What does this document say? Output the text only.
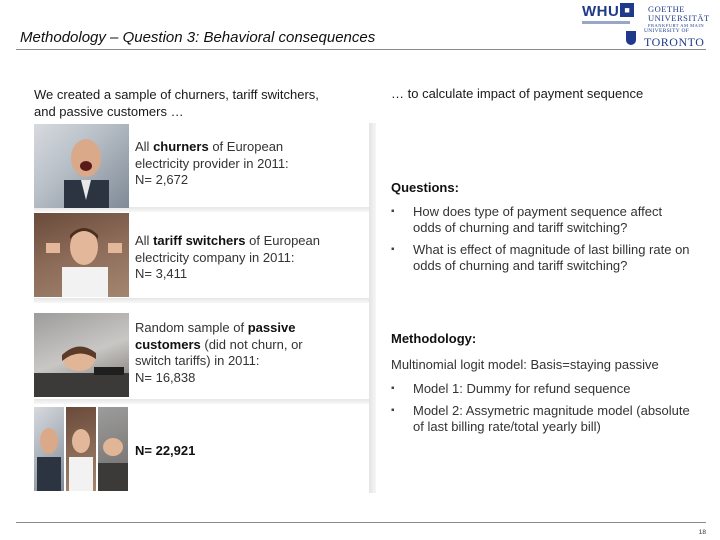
Methodology – Question 3: Behavioral consequences
WHU ■	GOETHE
UNIVERSITÄT
FRANKFURT AM MAIN
UNIVERSITY OF
TORONTO
We created a sample of churners, tariff switchers, and passive customers …
… to calculate impact of payment sequence
All churners of European electricity provider in 2011:
N= 2,672
All tariff switchers of European electricity company in 2011:
N= 3,411
Random sample of passive customers (did not churn, or switch tariffs) in 2011:
N= 16,838
N= 22,921
Questions:
▪ How does type of payment sequence affect odds of churning and tariff switching?
▪ What is effect of magnitude of last billing rate on odds of churning and tariff switching?
Methodology:
Multinomial logit model: Basis=staying passive
▪ Model 1: Dummy for refund sequence
▪ Model 2: Assymetric magnitude model (absolute of last billing rate/total yearly bill)
18
